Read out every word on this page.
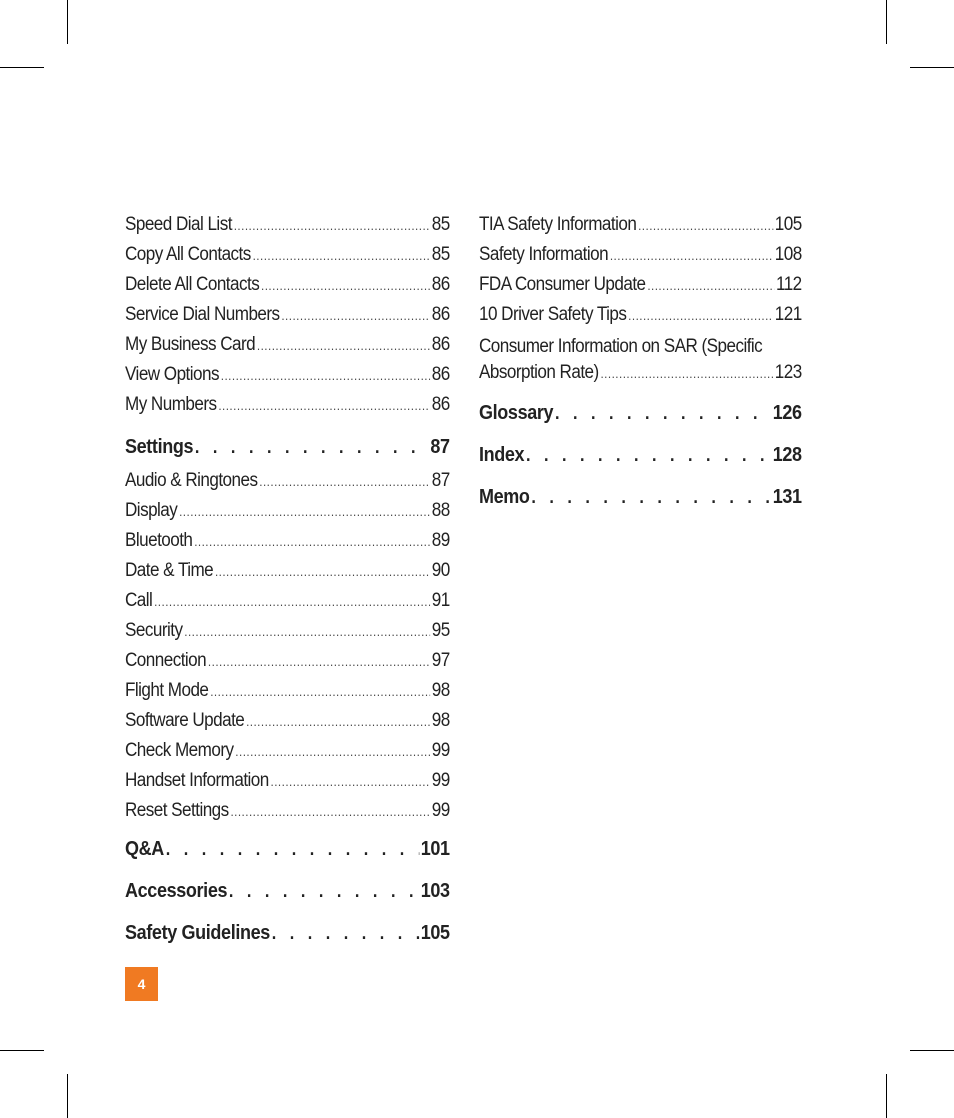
Speed Dial List .....	85
Copy All Contacts .....	85
Delete All Contacts .....	86
Service Dial Numbers .....	86
My Business Card .....	86
View Options .....	86
My Numbers .....	86
Settings . . .	87
Audio & Ringtones .....	87
Display .....	88
Bluetooth .....	89
Date & Time .....	90
Call .....	91
Security .....	95
Connection .....	97
Flight Mode .....	98
Software Update .....	98
Check Memory .....	99
Handset Information .....	99
Reset Settings .....	99
Q&A . . .	101
Accessories . . .	103
Safety Guidelines . . .	105
TIA Safety Information .....	105
Safety Information .....	108
FDA Consumer Update .....	112
10 Driver Safety Tips .....	121
Consumer Information on SAR (Specific
Absorption Rate) .....	123
Glossary . . .	126
Index . . .	128
Memo . . .	131
4
